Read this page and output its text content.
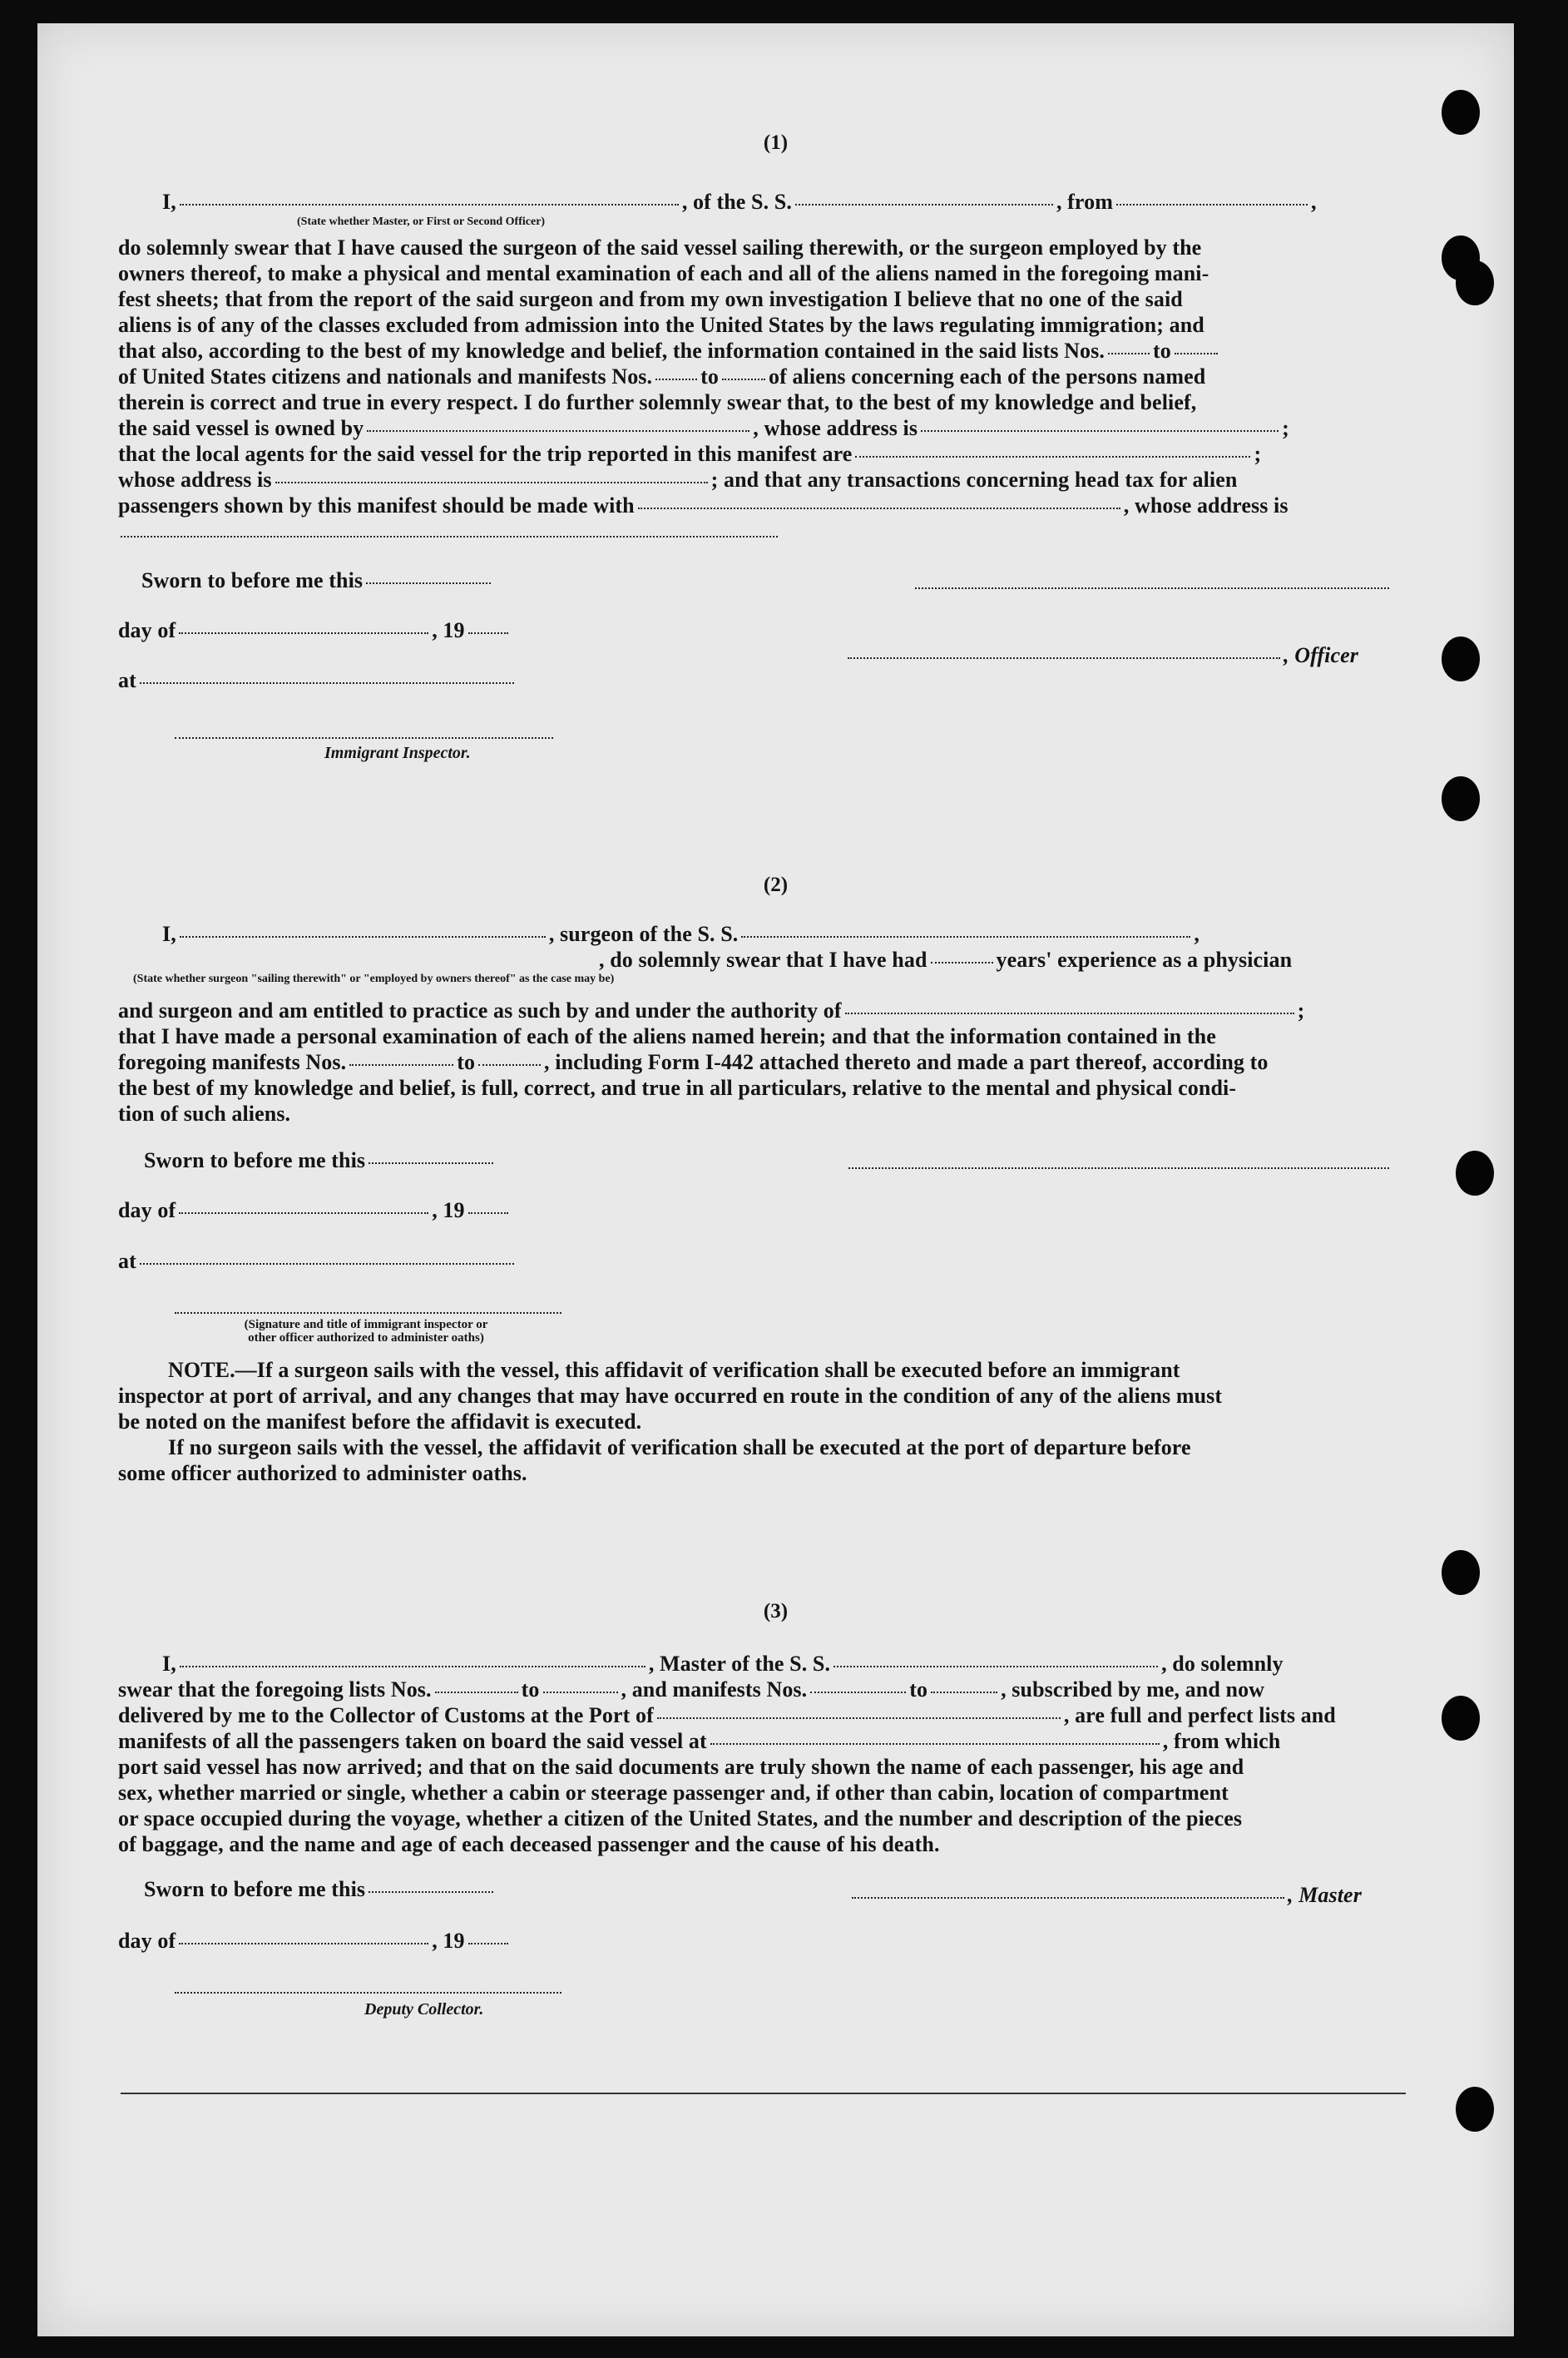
(1)
I,	, of the S. S.	, from	,
(State whether Master, or First or Second Officer)
do solemnly swear that I have caused the surgeon of the said vessel sailing therewith, or the surgeon employed by the
owners thereof, to make a physical and mental examination of each and all of the aliens named in the foregoing mani-
fest sheets; that from the report of the said surgeon and from my own investigation I believe that no one of the said
aliens is of any of the classes excluded from admission into the United States by the laws regulating immigration; and
that also, according to the best of my knowledge and belief, the information contained in the said lists Nos. to
of United States citizens and nationals and manifests Nos. to of aliens concerning each of the persons named
therein is correct and true in every respect. I do further solemnly swear that, to the best of my knowledge and belief,
the said vessel is owned by	, whose address is	;
that the local agents for the said vessel for the trip reported in this manifest are	;
whose address is	; and that any transactions concerning head tax for alien
passengers shown by this manifest should be made with	, whose address is
Sworn to before me this
day of	, 19
, Officer
at
Immigrant Inspector.
(2)
I,	, surgeon of the S. S.	,
, do solemnly swear that I have had	years' experience as a physician
(State whether surgeon "sailing therewith" or "employed by owners thereof" as the case may be)
and surgeon and am entitled to practice as such by and under the authority of	;
that I have made a personal examination of each of the aliens named herein; and that the information contained in the
foregoing manifests Nos.	to	, including Form I-442 attached thereto and made a part thereof, according to
the best of my knowledge and belief, is full, correct, and true in all particulars, relative to the mental and physical condi-
tion of such aliens.
Sworn to before me this
day of	, 19
at
(Signature and title of immigrant inspector or
other officer authorized to administer oaths)
NOTE.—If a surgeon sails with the vessel, this affidavit of verification shall be executed before an immigrant
inspector at port of arrival, and any changes that may have occurred en route in the condition of any of the aliens must
be noted on the manifest before the affidavit is executed.
If no surgeon sails with the vessel, the affidavit of verification shall be executed at the port of departure before
some officer authorized to administer oaths.
(3)
I,	, Master of the S. S.	, do solemnly
swear that the foregoing lists Nos.	to	, and manifests Nos.	to	, subscribed by me, and now
delivered by me to the Collector of Customs at the Port of	, are full and perfect lists and
manifests of all the passengers taken on board the said vessel at	, from which
port said vessel has now arrived; and that on the said documents are truly shown the name of each passenger, his age and
sex, whether married or single, whether a cabin or steerage passenger and, if other than cabin, location of compartment
or space occupied during the voyage, whether a citizen of the United States, and the number and description of the pieces
of baggage, and the name and age of each deceased passenger and the cause of his death.
Sworn to before me this	, Master
day of	, 19
Deputy Collector.
